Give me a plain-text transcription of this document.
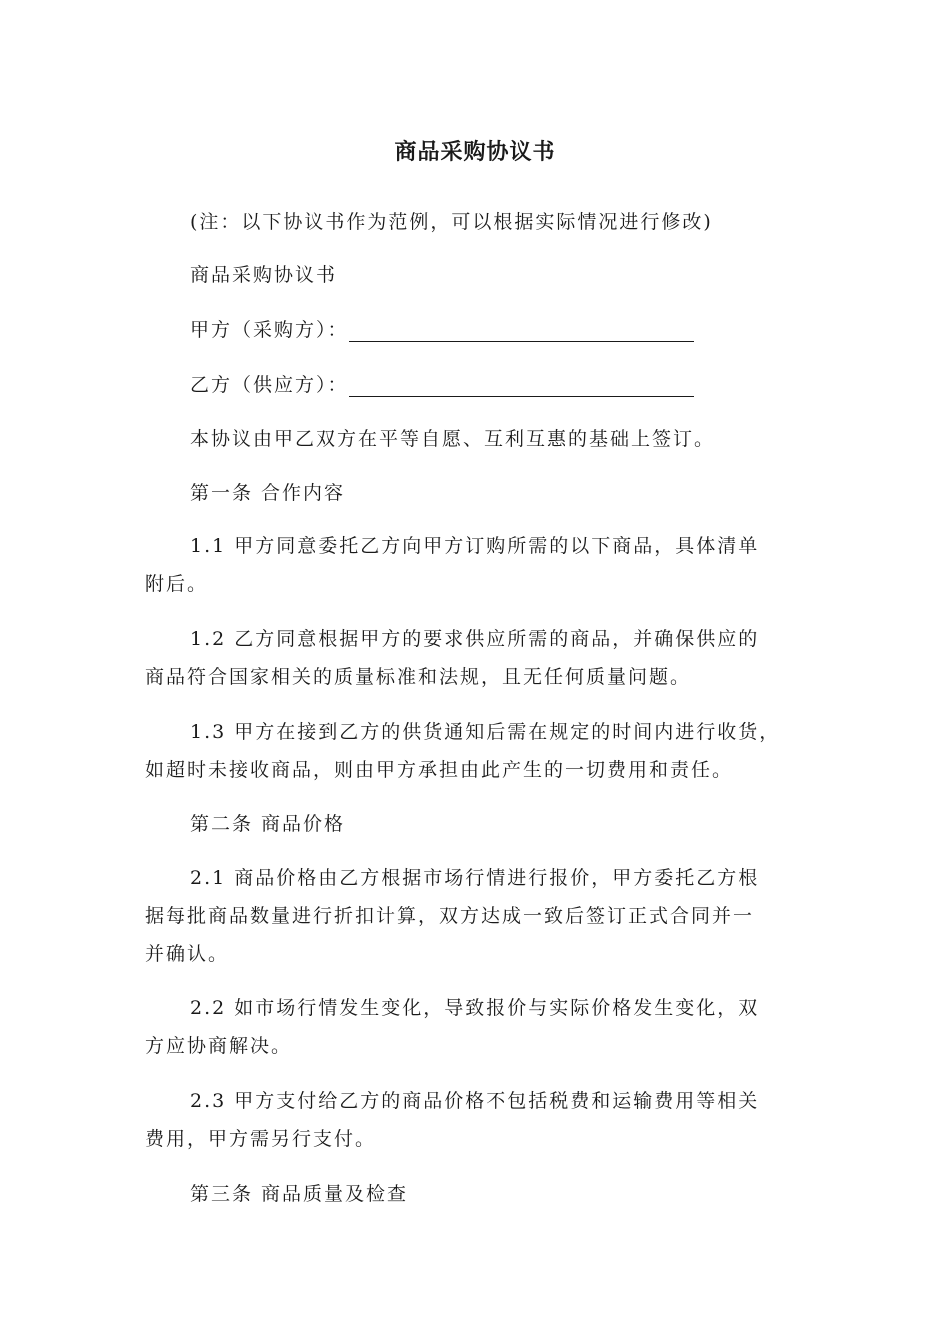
商品采购协议书
(注：以下协议书作为范例，可以根据实际情况进行修改)
商品采购协议书
甲方（采购方）：
乙方（供应方）：
本协议由甲乙双方在平等自愿、互利互惠的基础上签订。
第一条 合作内容
1.1 甲方同意委托乙方向甲方订购所需的以下商品，具体清单
附后。
1.2 乙方同意根据甲方的要求供应所需的商品，并确保供应的
商品符合国家相关的质量标准和法规，且无任何质量问题。
1.3 甲方在接到乙方的供货通知后需在规定的时间内进行收货，
如超时未接收商品，则由甲方承担由此产生的一切费用和责任。
第二条 商品价格
2.1 商品价格由乙方根据市场行情进行报价，甲方委托乙方根
据每批商品数量进行折扣计算，双方达成一致后签订正式合同并一
并确认。
2.2 如市场行情发生变化，导致报价与实际价格发生变化，双
方应协商解决。
2.3 甲方支付给乙方的商品价格不包括税费和运输费用等相关
费用，甲方需另行支付。
第三条 商品质量及检查
